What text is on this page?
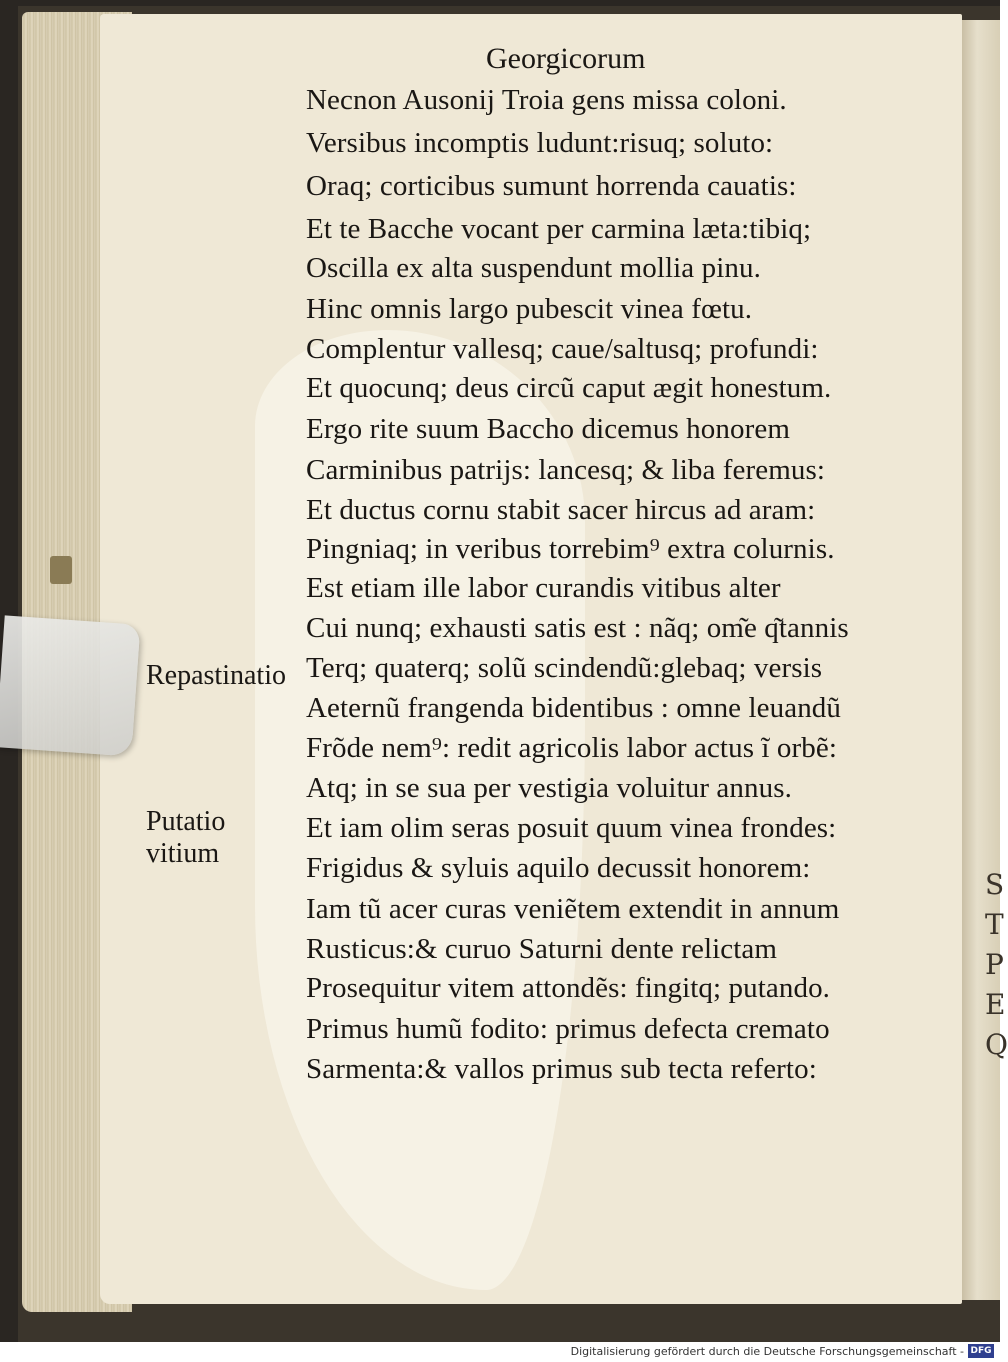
S
T
P
E
Q
Georgicorum
Necnon Ausonij Troia gens missa coloni.
Versibus incomptis ludunt:risuq; soluto:
Oraq; corticibus sumunt horrenda cauatis:
Et te Bacche vocant per carmina læta:tibiq;
Oscilla ex alta suspendunt mollia pinu.
Hinc omnis largo pubescit vinea fœtu.
Complentur vallesq; caue/saltusq; profundi:
Et quocunq; deus circũ caput ægit honestum.
Ergo rite suum Baccho dicemus honorem
Carminibus patrijs: lancesq; & liba feremus:
Et ductus cornu stabit sacer hircus ad aram:
Pingniaq; in veribus torrebim⁹ extra colurnis.
Est etiam ille labor curandis vitibus alter
Cui nunq; exhausti satis est : nãq; om͂e q͂tannis
Terq; quaterq; solũ scindendũ:glebaq; versis
Aeternũ frangenda bidentibus : omne leuandũ
Frõde nem⁹: redit agricolis labor actus ĩ orbẽ:
Atq; in se sua per vestigia voluitur annus.
Et iam olim seras posuit quum vinea frondes:
Frigidus & syluis aquilo decussit honorem:
Iam tũ acer curas veniẽtem extendit in annum
Rusticus:& curuo Saturni dente relictam
Prosequitur vitem attondẽs: fingitq; putando.
Primus humũ fodito: primus defecta cremato
Sarmenta:& vallos primus sub tecta referto:
Repastinatio
Putatio
vitium
Digitalisierung gefördert durch die Deutsche Forschungsgemeinschaft - DFG
